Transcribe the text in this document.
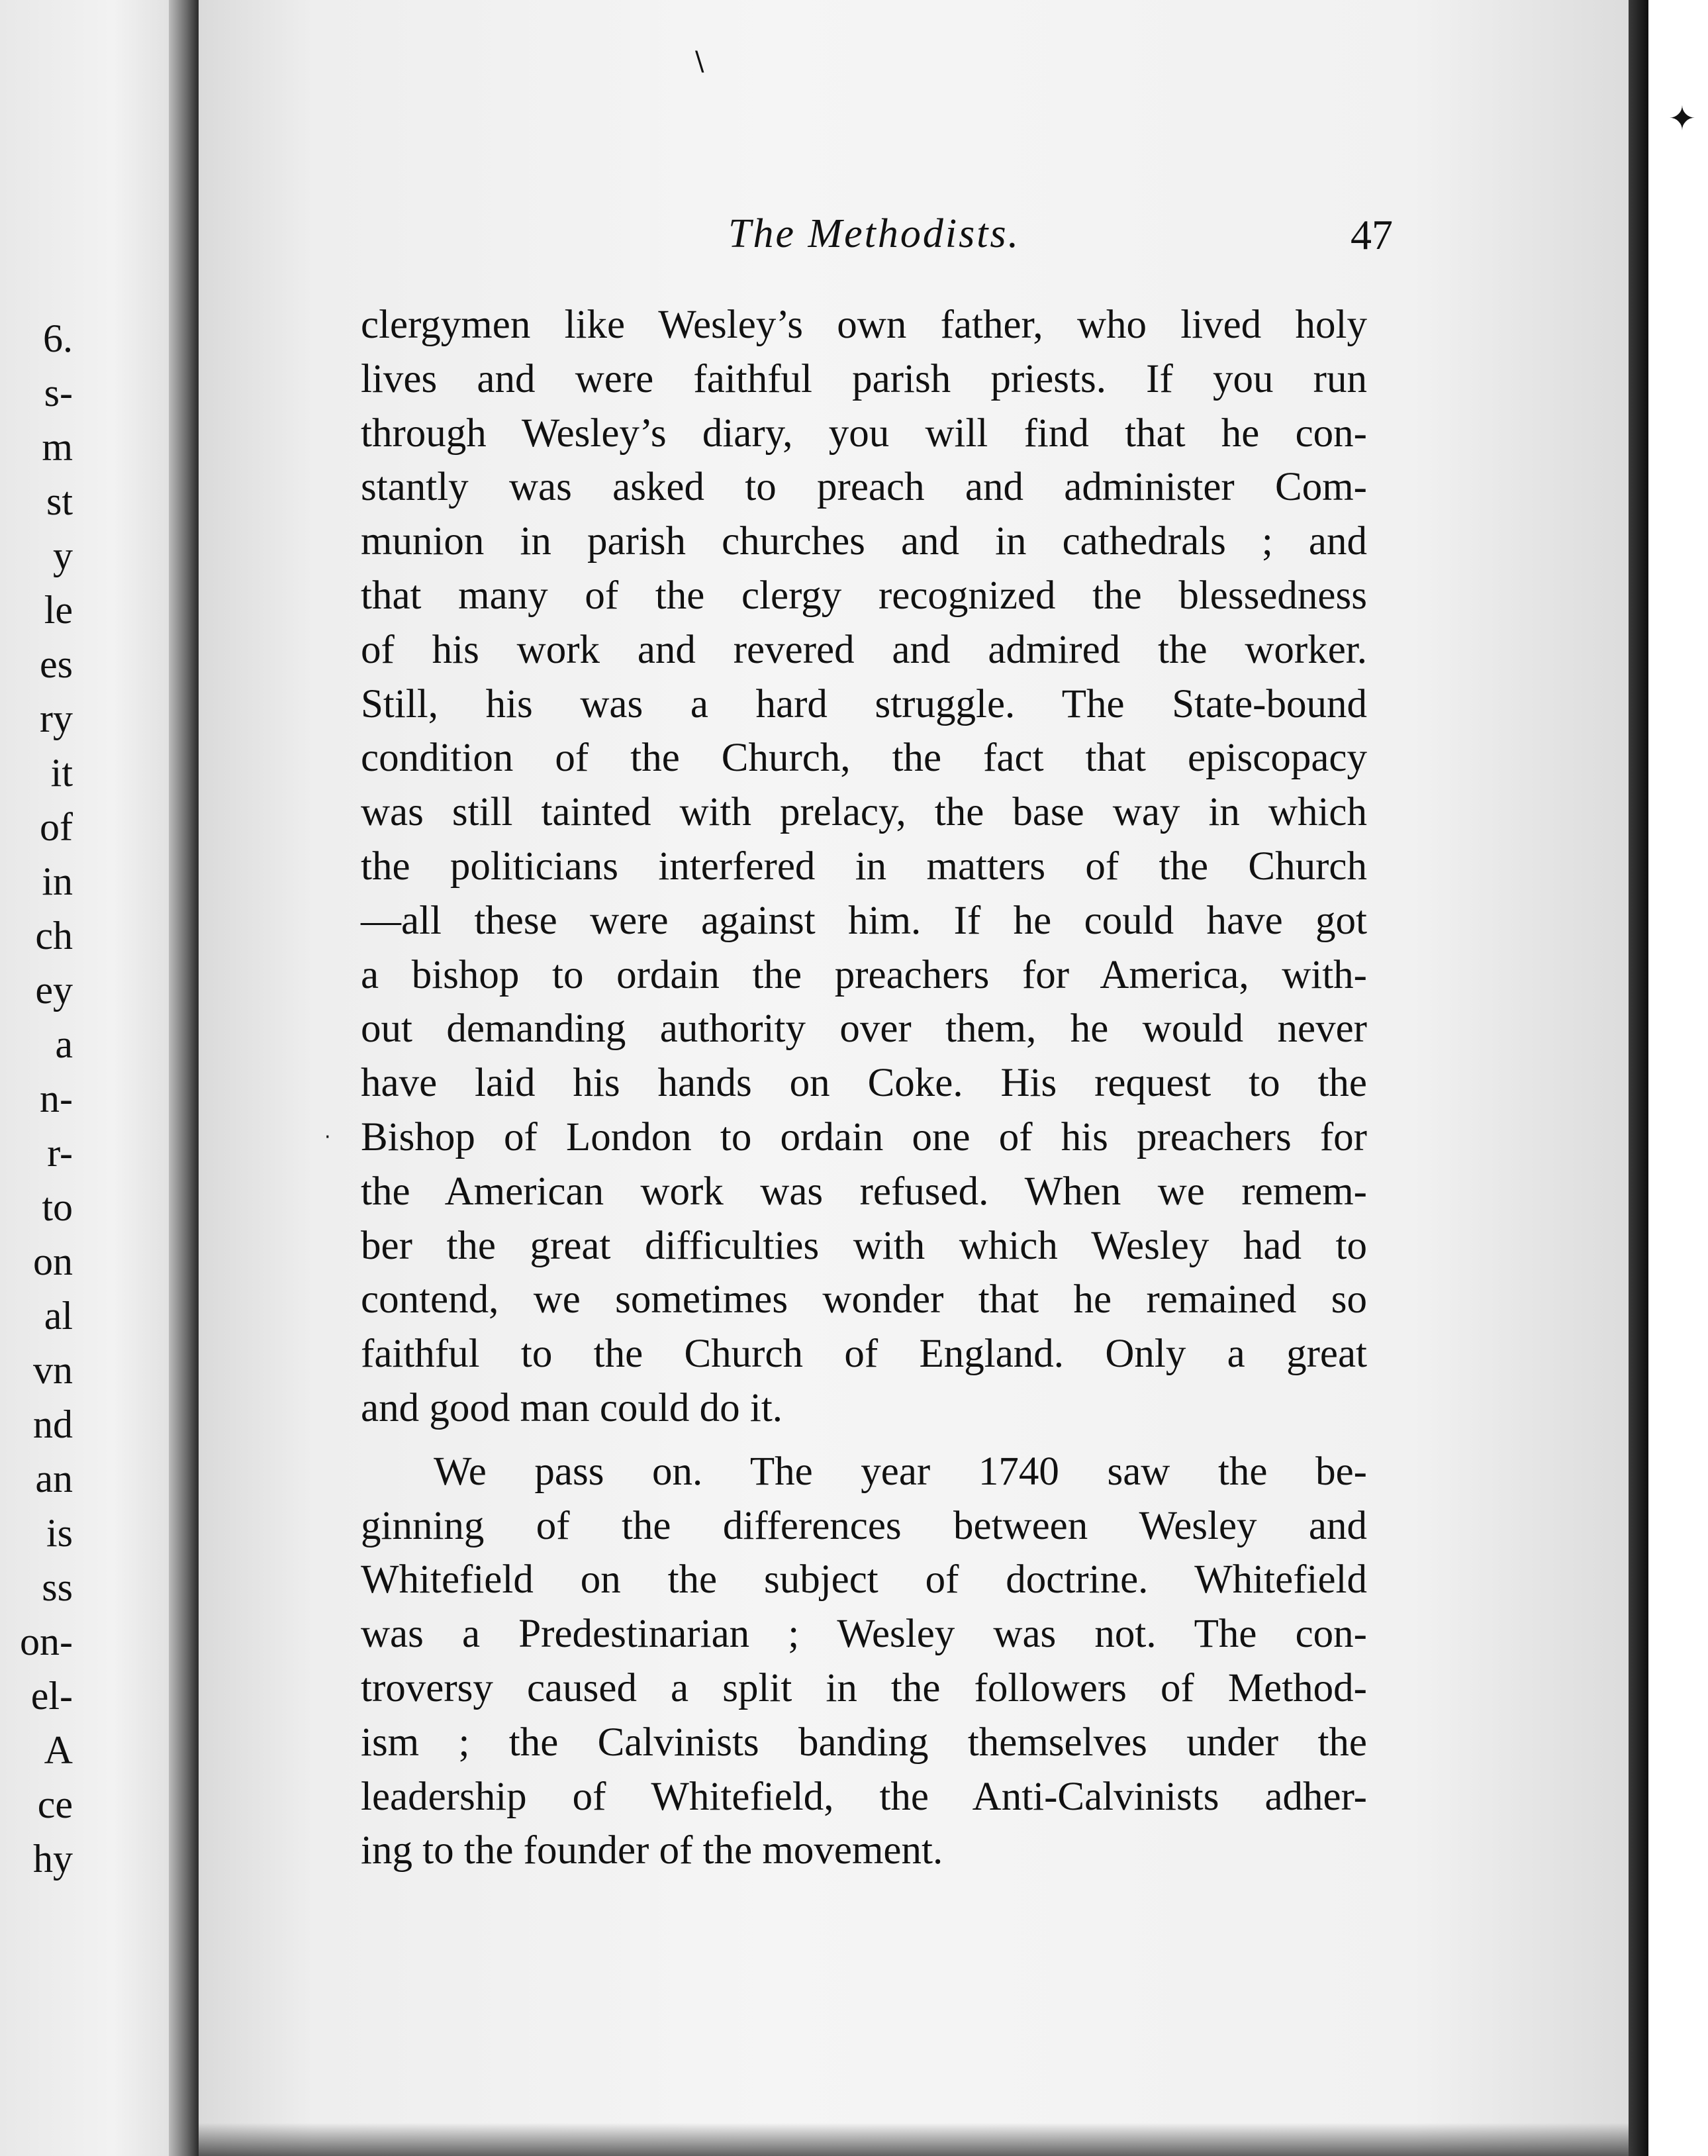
6.
s-
m
st
y
le
es
ry
it
of
in
ch
ey
a
n-
r-
to
on
al
vn
nd
an
is
ss
on-
el-
A
ce
hy
The Methodists.	47
clergymen like Wesley’s own father, who lived holy
lives and were faithful parish priests. If you run
through Wesley’s diary, you will find that he con-
stantly was asked to preach and administer Com-
munion in parish churches and in cathedrals ; and
that many of the clergy recognized the blessedness
of his work and revered and admired the worker.
Still, his was a hard struggle. The State-bound
condition of the Church, the fact that episcopacy
was still tainted with prelacy, the base way in which
the politicians interfered in matters of the Church
—all these were against him. If he could have got
a bishop to ordain the preachers for America, with-
out demanding authority over them, he would never
have laid his hands on Coke. His request to the
Bishop of London to ordain one of his preachers for
the American work was refused. When we remem-
ber the great difficulties with which Wesley had to
contend, we sometimes wonder that he remained so
faithful to the Church of England. Only a great
and good man could do it.
We pass on. The year 1740 saw the be-
ginning of the differences between Wesley and
Whitefield on the subject of doctrine. Whitefield
was a Predestinarian ; Wesley was not. The con-
troversy caused a split in the followers of Method-
ism ; the Calvinists banding themselves under the
leadership of Whitefield, the Anti-Calvinists adher-
ing to the founder of the movement.
\
✦
·
